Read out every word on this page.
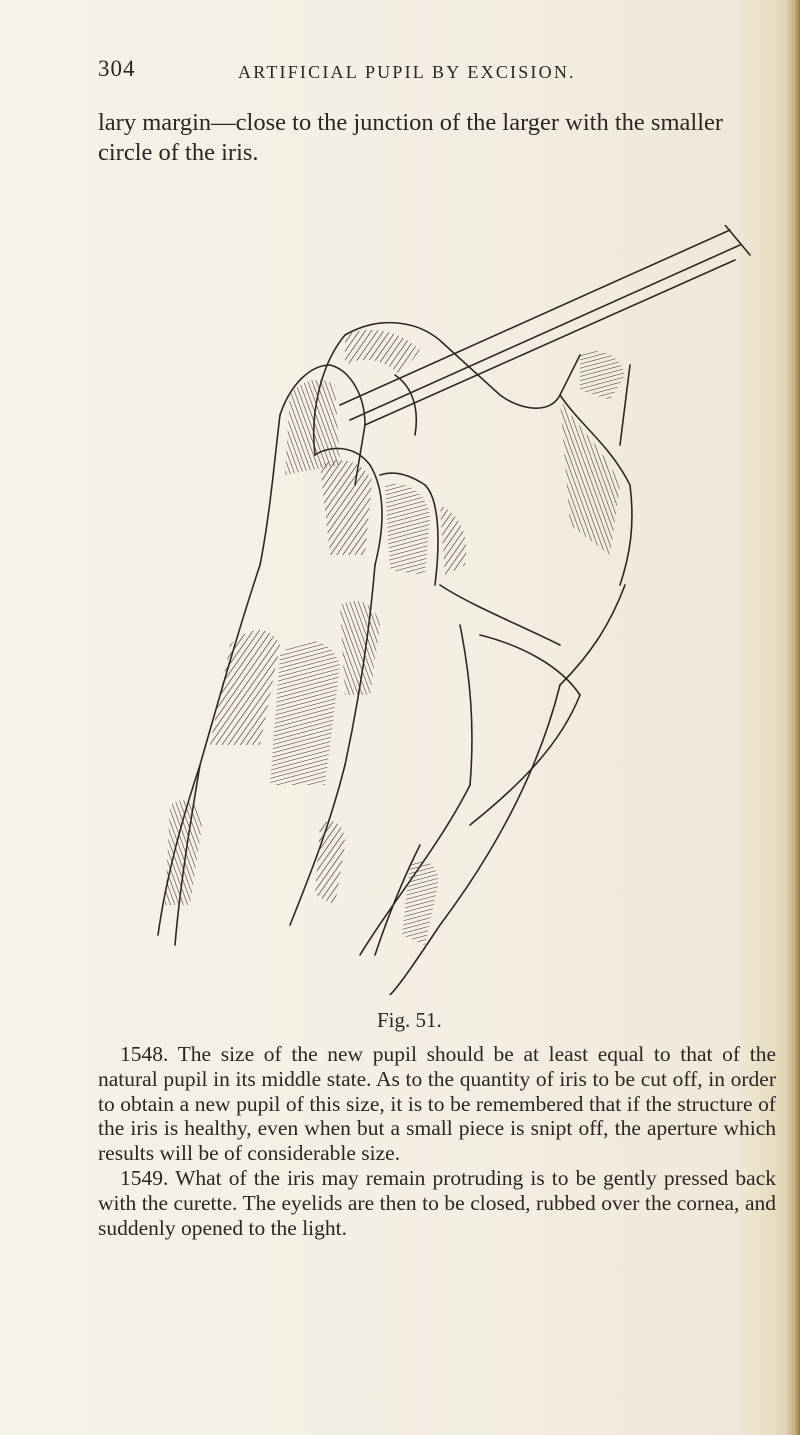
304	ARTIFICIAL PUPIL BY EXCISION.

lary margin—close to the junction of the larger with the smaller circle of the iris.

Fig. 51.

1548. The size of the new pupil should be at least equal to that of the natural pupil in its middle state. As to the quantity of iris to be cut off, in order to obtain a new pupil of this size, it is to be remembered that if the structure of the iris is healthy, even when but a small piece is snipt off, the aperture which results will be of considerable size.

1549. What of the iris may remain protruding is to be gently pressed back with the curette. The eyelids are then to be closed, rubbed over the cornea, and suddenly opened to the light.
